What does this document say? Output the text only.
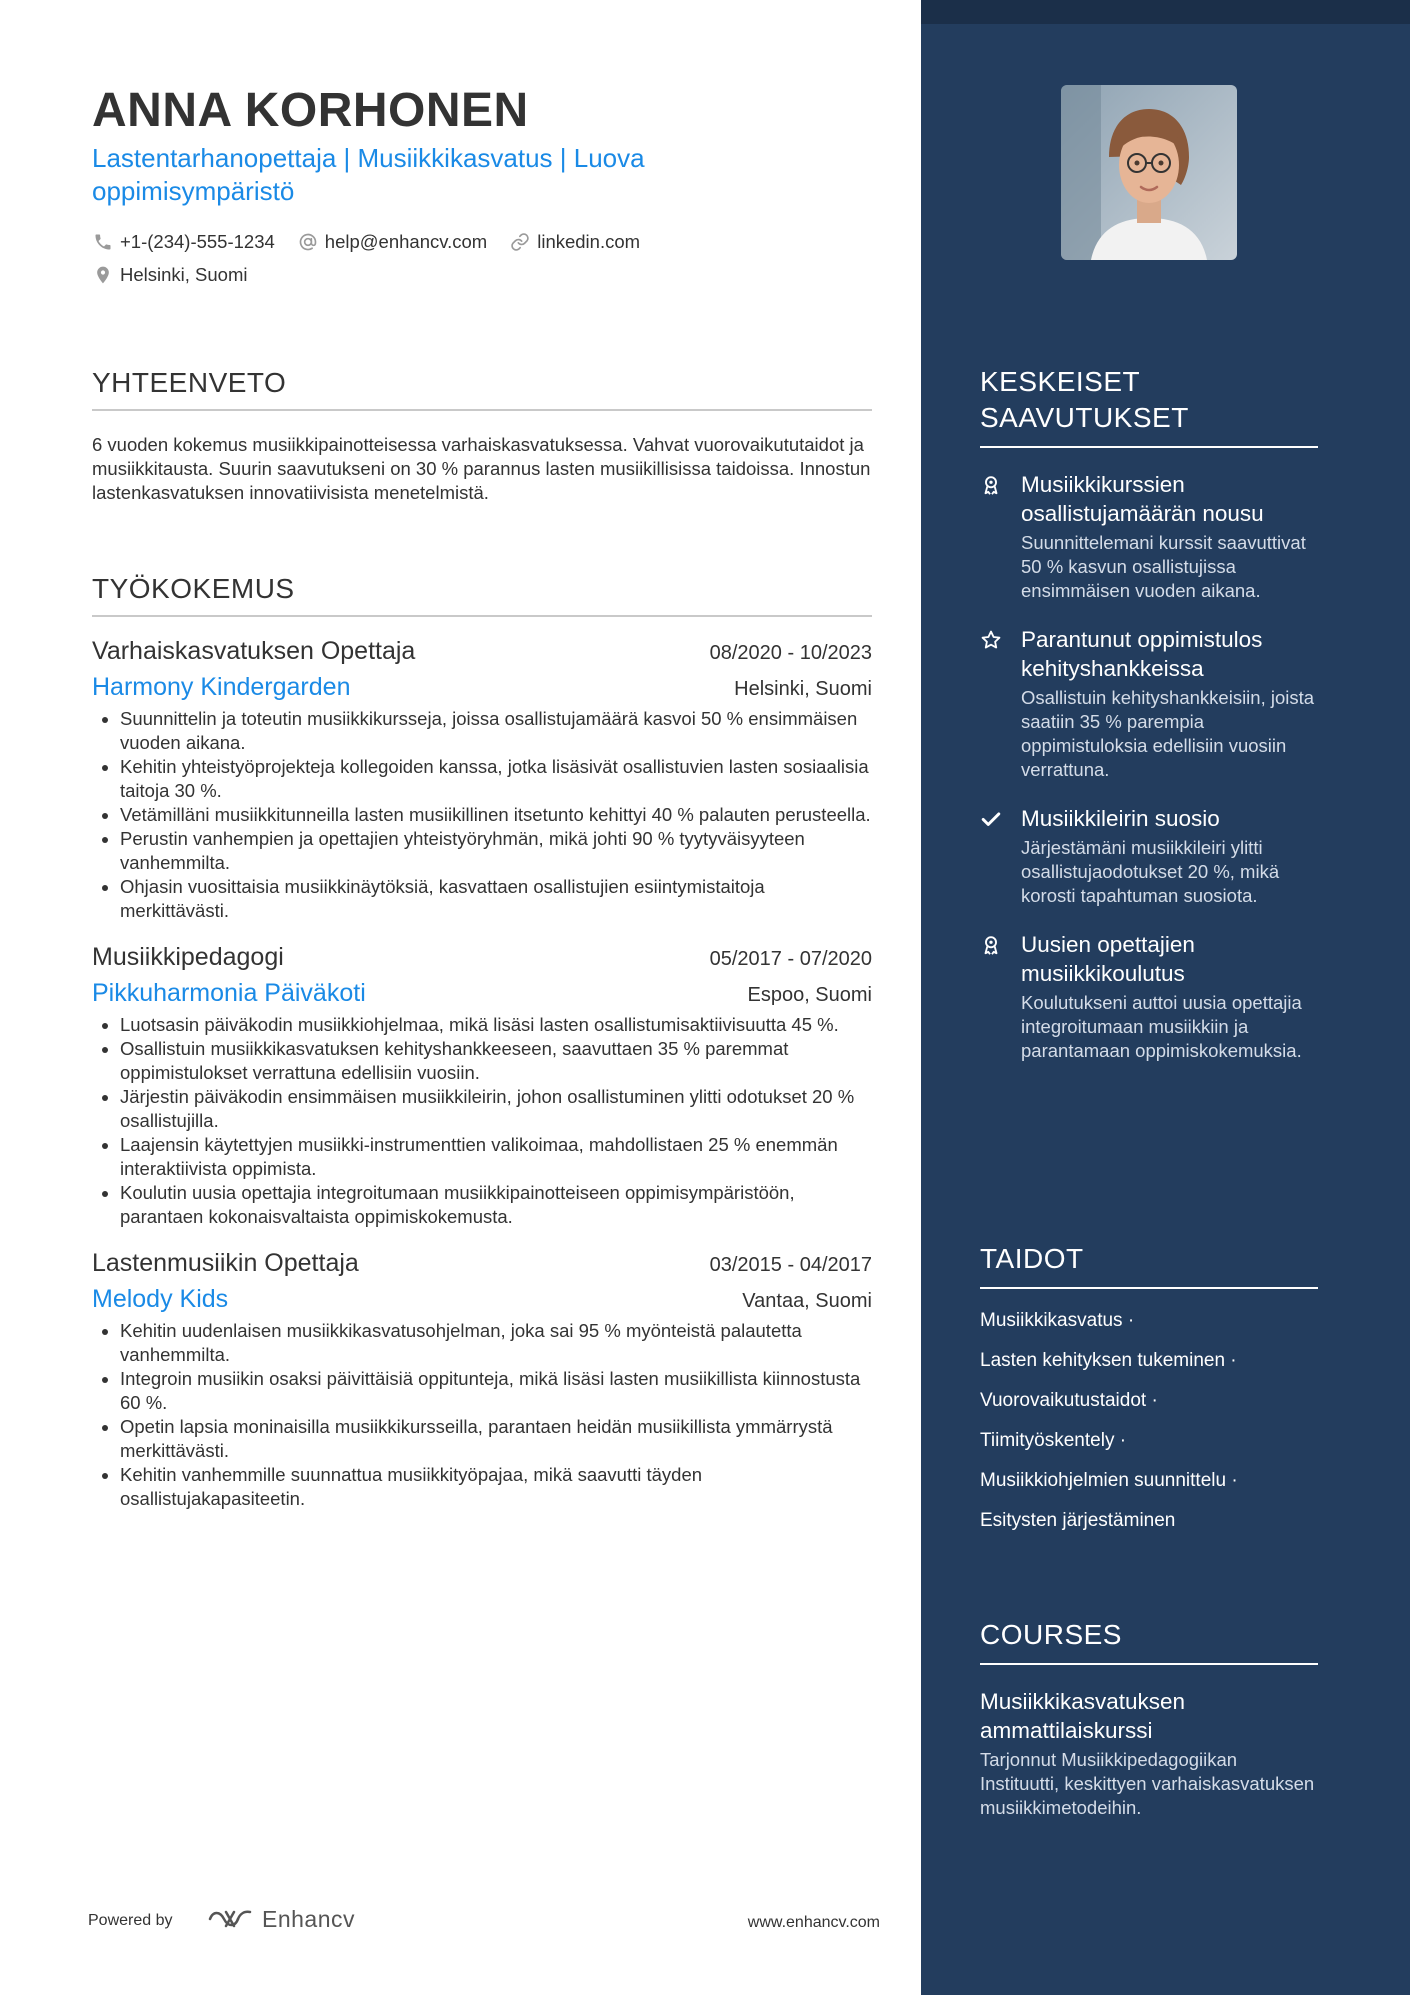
ANNA KORHONEN
Lastentarhanopettaja | Musiikkikasvatus | Luova oppimisympäristö
+1-(234)-555-1234	help@enhancv.com	linkedin.com
Helsinki, Suomi
YHTEENVETO
6 vuoden kokemus musiikkipainotteisessa varhaiskasvatuksessa. Vahvat vuorovaikututaidot ja musiikkitausta. Suurin saavutukseni on 30 % parannus lasten musiikillisissa taidoissa. Innostun lastenkasvatuksen innovatiivisista menetelmistä.
TYÖKOKEMUS
Varhaiskasvatuksen Opettaja	08/2020 - 10/2023
Harmony Kindergarden	Helsinki, Suomi
• Suunnittelin ja toteutin musiikkikursseja, joissa osallistujamäärä kasvoi 50 % ensimmäisen vuoden aikana.
• Kehitin yhteistyöprojekteja kollegoiden kanssa, jotka lisäsivät osallistuvien lasten sosiaalisia taitoja 30 %.
• Vetämilläni musiikkitunneilla lasten musiikillinen itsetunto kehittyi 40 % palauten perusteella.
• Perustin vanhempien ja opettajien yhteistyöryhmän, mikä johti 90 % tyytyväisyyteen vanhemmilta.
• Ohjasin vuosittaisia musiikkinäytöksiä, kasvattaen osallistujien esiintymistaitoja merkittävästi.
Musiikkipedagogi	05/2017 - 07/2020
Pikkuharmonia Päiväkoti	Espoo, Suomi
• Luotsasin päiväkodin musiikkiohjelmaa, mikä lisäsi lasten osallistumisaktiivisuutta 45 %.
• Osallistuin musiikkikasvatuksen kehityshankkeeseen, saavuttaen 35 % paremmat oppimistulokset verrattuna edellisiin vuosiin.
• Järjestin päiväkodin ensimmäisen musiikkileirin, johon osallistuminen ylitti odotukset 20 % osallistujilla.
• Laajensin käytettyjen musiikki-instrumenttien valikoimaa, mahdollistaen 25 % enemmän interaktiivista oppimista.
• Koulutin uusia opettajia integroitumaan musiikkipainotteiseen oppimisympäristöön, parantaen kokonaisvaltaista oppimiskokemusta.
Lastenmusiikin Opettaja	03/2015 - 04/2017
Melody Kids	Vantaa, Suomi
• Kehitin uudenlaisen musiikkikasvatusohjelman, joka sai 95 % myönteistä palautetta vanhemmilta.
• Integroin musiikin osaksi päivittäisiä oppitunteja, mikä lisäsi lasten musiikillista kiinnostusta 60 %.
• Opetin lapsia moninaisilla musiikkikursseilla, parantaen heidän musiikillista ymmärrystä merkittävästi.
• Kehitin vanhemmille suunnattua musiikkityöpajaa, mikä saavutti täyden osallistujakapasiteetin.
Powered by	Enhancv	www.enhancv.com
KESKEISET SAAVUTUKSET
Musiikkikurssien osallistujamäärän nousu
Suunnittelemani kurssit saavuttivat 50 % kasvun osallistujissa ensimmäisen vuoden aikana.
Parantunut oppimistulos kehityshankkeissa
Osallistuin kehityshankkeisiin, joista saatiin 35 % parempia oppimistuloksia edellisiin vuosiin verrattuna.
Musiikkileirin suosio
Järjestämäni musiikkileiri ylitti osallistujaodotukset 20 %, mikä korosti tapahtuman suosiota.
Uusien opettajien musiikkikoulutus
Koulutukseni auttoi uusia opettajia integroitumaan musiikkiin ja parantamaan oppimiskokemuksia.
TAIDOT
Musiikkikasvatus ·
Lasten kehityksen tukeminen ·
Vuorovaikutustaidot ·
Tiimityöskentely ·
Musiikkiohjelmien suunnittelu ·
Esitysten järjestäminen
COURSES
Musiikkikasvatuksen ammattilaiskurssi
Tarjonnut Musiikkipedagogiikan Instituutti, keskittyen varhaiskasvatuksen musiikkimetodeihin.
